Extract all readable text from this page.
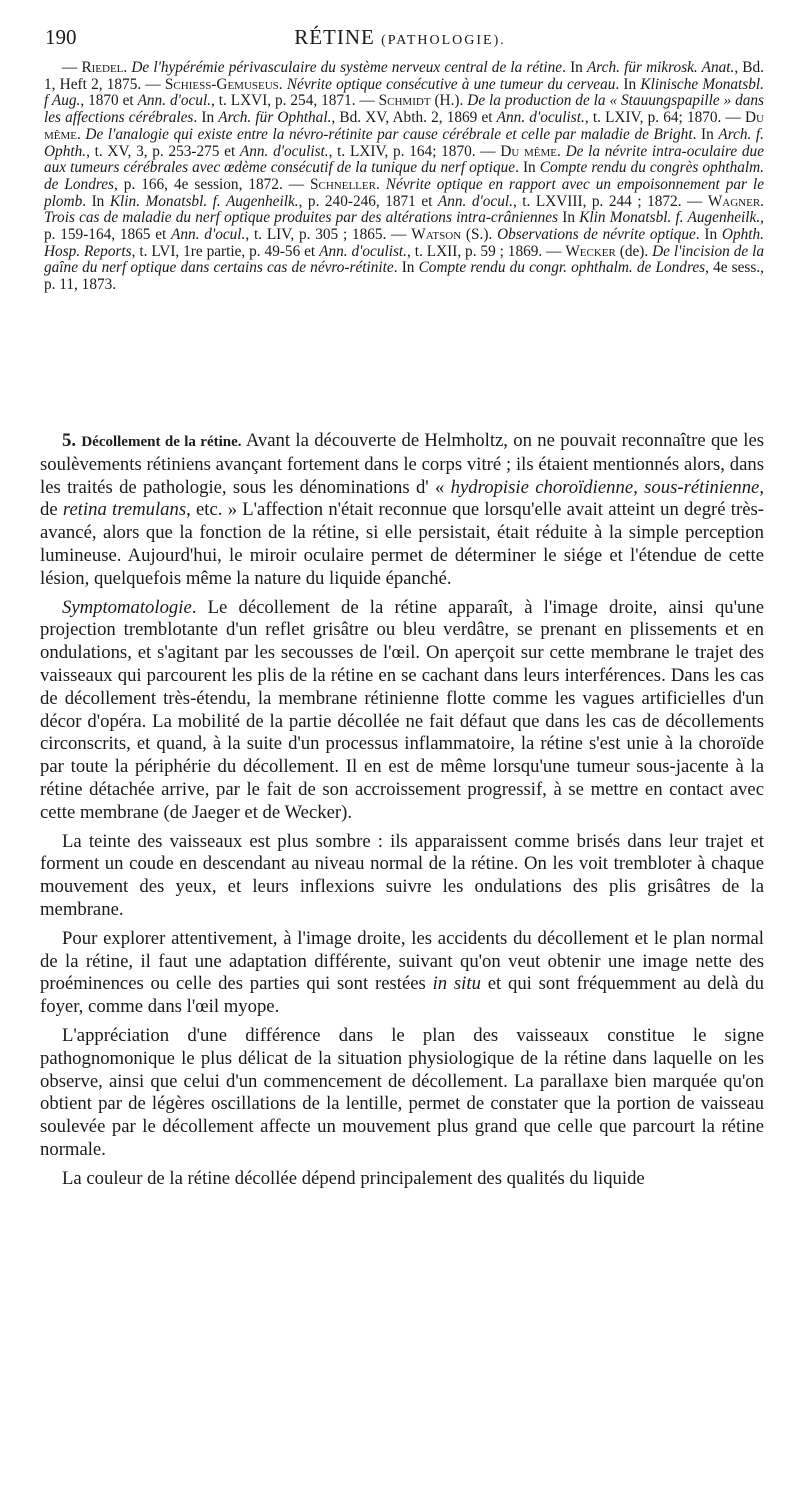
190	RÉTINE (PATHOLOGIE).
— Riedel. De l'hypérémie périvasculaire du système nerveux central de la rétine. In Arch. für mikrosk. Anat., Bd. 1, Heft 2, 1875. — Schiess-Gemuseus. Névrite optique consécutive à une tumeur du cerveau. In Klinische Monatsbl. f Aug., 1870 et Ann. d'ocul., t. LXVI, p. 254, 1871. — Schmidt (H.). De la production de la « Stauungspapille » dans les affections cérébrales. In Arch. für Ophthal., Bd. XV, Abth. 2, 1869 et Ann. d'oculist., t. LXIV, p. 64; 1870. — Du même. De l'analogie qui existe entre la névro-rétinite par cause cérébrale et celle par maladie de Bright. In Arch. f. Ophth., t. XV, 3, p. 253-275 et Ann. d'oculist., t. LXIV, p. 164; 1870. — Du même. De la névrite intra-oculaire due aux tumeurs cérébrales avec œdème consécutif de la tunique du nerf optique. In Compte rendu du congrès ophthalm. de Londres, p. 166, 4e session, 1872. — Schneller. Névrite optique en rapport avec un empoisonnement par le plomb. In Klin. Monatsbl. f. Augenheilk., p. 240-246, 1871 et Ann. d'ocul., t. LXVIII, p. 244 ; 1872. — Wagner. Trois cas de maladie du nerf optique produites par des altérations intra-crâniennes In Klin Monatsbl. f. Augenheilk., p. 159-164, 1865 et Ann. d'ocul., t. LIV, p. 305 ; 1865. — Watson (S.). Observations de névrite optique. In Ophth. Hosp. Reports, t. LVI, 1re partie, p. 49-56 et Ann. d'oculist., t. LXII, p. 59 ; 1869. — Wecker (de). De l'incision de la gaîne du nerf optique dans certains cas de névro-rétinite. In Compte rendu du congr. ophthalm. de Londres, 4e sess., p. 11, 1873.

5. Décollement de la rétine. Avant la découverte de Helmholtz, on ne pouvait reconnaître que les soulèvements rétiniens avançant fortement dans le corps vitré ; ils étaient mentionnés alors, dans les traités de pathologie, sous les dénominations d' « hydropisie choroïdienne, sous-rétinienne, de retina tremulans, etc. » L'affection n'était reconnue que lorsqu'elle avait atteint un degré très-avancé, alors que la fonction de la rétine, si elle persistait, était réduite à la simple perception lumineuse. Aujourd'hui, le miroir oculaire permet de déterminer le siége et l'étendue de cette lésion, quelquefois même la nature du liquide épanché.

Symptomatologie. Le décollement de la rétine apparaît, à l'image droite, ainsi qu'une projection tremblotante d'un reflet grisâtre ou bleu verdâtre, se prenant en plissements et en ondulations, et s'agitant par les secousses de l'œil. On aperçoit sur cette membrane le trajet des vaisseaux qui parcourent les plis de la rétine en se cachant dans leurs interférences. Dans les cas de décollement très-étendu, la membrane rétinienne flotte comme les vagues artificielles d'un décor d'opéra. La mobilité de la partie décollée ne fait défaut que dans les cas de décollements circonscrits, et quand, à la suite d'un processus inflammatoire, la rétine s'est unie à la choroïde par toute la périphérie du décollement. Il en est de même lorsqu'une tumeur sous-jacente à la rétine détachée arrive, par le fait de son accroissement progressif, à se mettre en contact avec cette membrane (de Jaeger et de Wecker).

La teinte des vaisseaux est plus sombre : ils apparaissent comme brisés dans leur trajet et forment un coude en descendant au niveau normal de la rétine. On les voit trembloter à chaque mouvement des yeux, et leurs inflexions suivre les ondulations des plis grisâtres de la membrane.

Pour explorer attentivement, à l'image droite, les accidents du décollement et le plan normal de la rétine, il faut une adaptation différente, suivant qu'on veut obtenir une image nette des proéminences ou celle des parties qui sont restées in situ et qui sont fréquemment au delà du foyer, comme dans l'œil myope.

L'appréciation d'une différence dans le plan des vaisseaux constitue le signe pathognomonique le plus délicat de la situation physiologique de la rétine dans laquelle on les observe, ainsi que celui d'un commencement de décollement. La parallaxe bien marquée qu'on obtient par de légères oscillations de la lentille, permet de constater que la portion de vaisseau soulevée par le décollement affecte un mouvement plus grand que celle que parcourt la rétine normale.

La couleur de la rétine décollée dépend principalement des qualités du liquide
